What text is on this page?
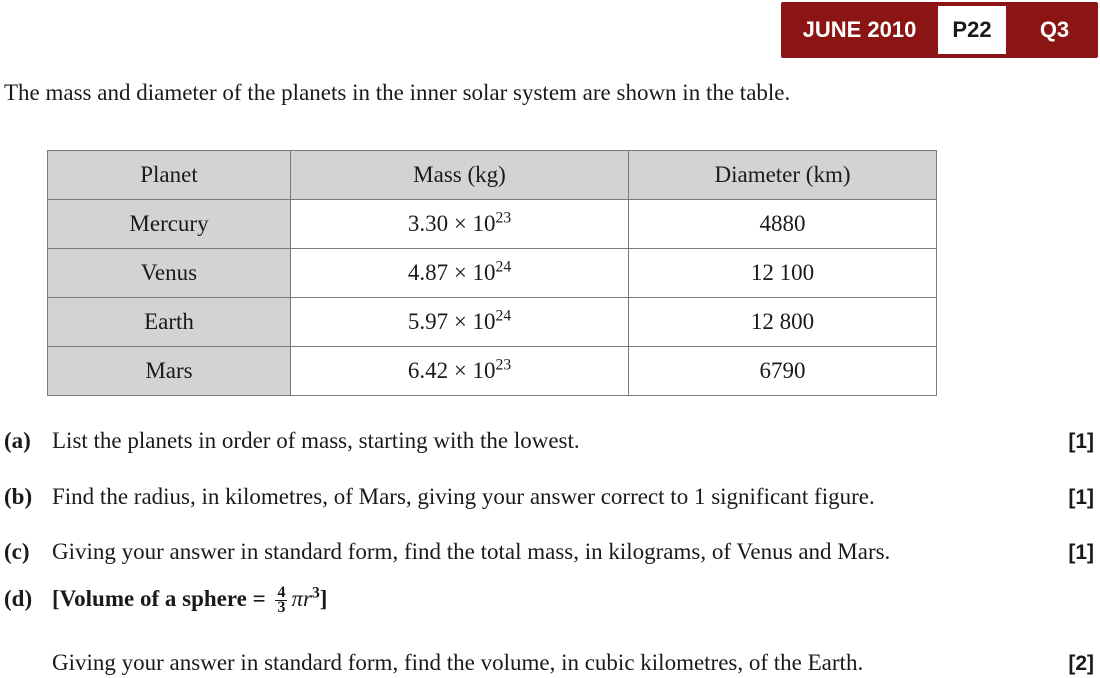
JUNE 2010	P22	Q3
The mass and diameter of the planets in the inner solar system are shown in the table.
Planet	Mass (kg)	Diameter (km)
Mercury	$3.30 \times 10^{23}$	4880
Venus	$4.87 \times 10^{24}$	12 100
Earth	$5.97 \times 10^{24}$	12 800
Mars	$6.42 \times 10^{23}$	6790
(a) List the planets in order of mass, starting with the lowest.	[1]
(b) Find the radius, in kilometres, of Mars, giving your answer correct to 1 significant figure.	[1]
(c) Giving your answer in standard form, find the total mass, in kilograms, of Venus and Mars.	[1]
(d) [Volume of a sphere = $\frac{4}{3} \pi r^3$]
Giving your answer in standard form, find the volume, in cubic kilometres, of the Earth.	[2]
